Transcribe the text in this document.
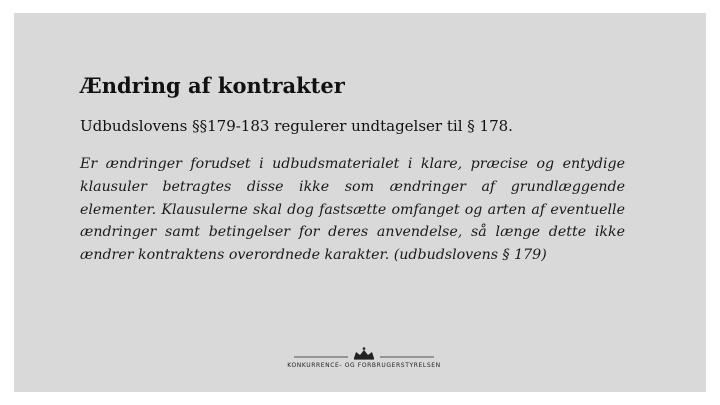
Ændring af kontrakter
Udbudslovens §§179-183 regulerer undtagelser til § 178.
Er ændringer forudset i udbudsmaterialet i klare, præcise og entydige klausuler betragtes disse ikke som ændringer af grundlæggende elementer. Klausulerne skal dog fastsætte omfanget og arten af eventuelle ændringer samt betingelser for deres anvendelse, så længe dette ikke ændrer kontraktens overordnede karakter. (udbudslovens § 179)
KONKURRENCE- OG FORBRUGERSTYRELSEN
